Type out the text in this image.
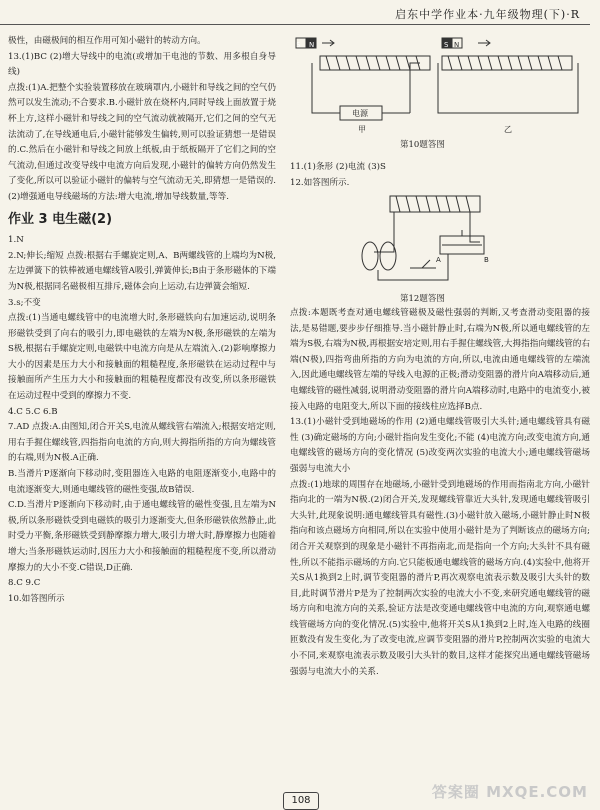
启东中学作业本·九年级物理(下)·R

极性，由磁极间的相互作用可知小磁针的转动方向。

13.(1)BC (2)增大导线中的电流(或增加干电池的节数、用多根自身导线)

点拨:(1)A.把整个实验装置移放在玻璃罩内,小磁针和导线之间的空气仍然可以发生流动;不合要求.B.小磁针放在烧杯内,同时导线上面放置于烧杯上方,这样小磁针和导线之间的空气流动就被隔开,它们之间的空气无法流动了,在导线通电后,小磁针能够发生偏转,则可以验证猜想一是错误的.C.然后在小磁针和导线之间放上纸板,由于纸板隔开了它们之间的空气流动,但通过改变导线中电流方向后发现,小磁针的偏转方向仍然发生了变化,所以可以验证小磁针的偏转与空气流动无关,即猜想一是错误的.(2)增强通电导线磁场的方法:增大电流,增加导线数量,等等.

作业 3 电生磁(2)

1.N

2.N;伸长;缩短 点拨:根据右手螺旋定则,A、B两螺线管的上端均为N极,左边弹簧下的铁棒被通电螺线管A吸引,弹簧伸长;B由于条形磁体的下端为N极,根据同名磁极相互排斥,磁体会向上运动,右边弹簧会缩短.

3.s;不变

点拨:(1)当通电螺线管中的电流增大时,条形磁铁向右加速运动,说明条形磁铁受到了向右的吸引力,即电磁铁的左端为N极,条形磁铁的左端为S极,根据右手螺旋定则,电磁铁中电流方向是从左端流入.(2)影响摩擦力大小的因素是压力大小和接触面的粗糙程度,条形磁铁在运动过程中与接触面所产生压力大小和接触面的粗糙程度都没有改变,所以条形磁铁在运动过程中受到的摩擦力不变.

4.C 5.C 6.B

7.AD 点拨:A.由图知,闭合开关S,电流从螺线管右端流入;根据安培定则,用右手握住螺线管,四指指向电流的方向,则大拇指所指的方向为螺线管的右端,则为N极.A正确.

B.当滑片P逐渐向下移动时,变阻器连入电路的电阻逐渐变小,电路中的电流逐渐变大,则通电螺线管的磁性变强,故B错误.

C.D.当滑片P逐渐向下移动时,由于通电螺线管的磁性变强,且左端为N极,所以条形磁铁受到电磁铁的吸引力逐渐变大,但条形磁铁依然静止,此时受力平衡,条形磁铁受到静摩擦力增大,吸引力增大时,静摩擦力也随着增大;当条形磁铁运动时,因压力大小和接触面的粗糙程度不变,所以滑动摩擦力的大小不变.C错误,D正确.

8.C 9.C

10.如答图所示

S N	S N
电源
甲	乙
第10题答图
A	B
第12题答图

11.(1)条形 (2)电流 (3)S

12.如答图所示.

点拨:本题既考查对通电螺线管磁极及磁性强弱的判断,又考查滑动变阻器的接法,是易错题,要步步仔细推导.当小磁针静止时,右端为N极,所以通电螺线管的左端为S极,右端为N极,再根据安培定则,用右手握住螺线管,大拇指指向螺线管的右端(N极),四指弯曲所指的方向为电流的方向,所以,电流由通电螺线管的左端流入,因此通电螺线管左端的导线入电源的正极;滑动变阻器的滑片向A端移动后,通电螺线管的磁性减弱,说明滑动变阻器的滑片向A端移动时,电路中的电流变小,被接入电路的电阻变大,所以下面的接线柱应选择B点.

13.(1)小磁针受到地磁场的作用 (2)通电螺线管吸引大头针;通电螺线管具有磁性 (3)确定磁场的方向;小磁针指向发生变化;不能 (4)电流方向;改变电流方向,通电螺线管的磁场方向的变化情况 (5)改变两次实验的电流大小;通电螺线管磁场强弱与电流大小

点拨:(1)地球的周围存在地磁场,小磁针受到地磁场的作用而指南北方向,小磁针指向北的一端为N极.(2)闭合开关,发现螺线管靠近大头针,发现通电螺线管吸引大头针,此现象说明:通电螺线管具有磁性.(3)小磁针放入磁场,小磁针静止时N极指向和该点磁场方向相同,所以在实验中使用小磁针是为了判断该点的磁场方向;闭合开关观察到的现象是小磁针不再指南北,而是指向一个方向;大头针不具有磁性,所以不能指示磁场的方向.它只能板通电螺线管的磁场方向.(4)实验中,他将开关S从1换到2上时,调节变阻器的滑片P,再次观察电流表示数及吸引大头针的数目,此时调节滑片P是为了控制两次实验的电流大小不变,来研究通电螺线管的磁场方向和电流方向的关系,验证方法是改变通电螺线管中电流的方向,观察通电螺线管磁场方向的变化情况.(5)实验中,他将开关S从1换到2上时,连入电路的线圈匝数没有发生变化,为了改变电流,应调节变阻器的滑片P,控制两次实验的电流大小不同,来观察电流表示数及吸引大头针的数目,这样才能探究出通电螺线管磁场强弱与电流大小的关系.

108	答案圈 MXQE.COM
